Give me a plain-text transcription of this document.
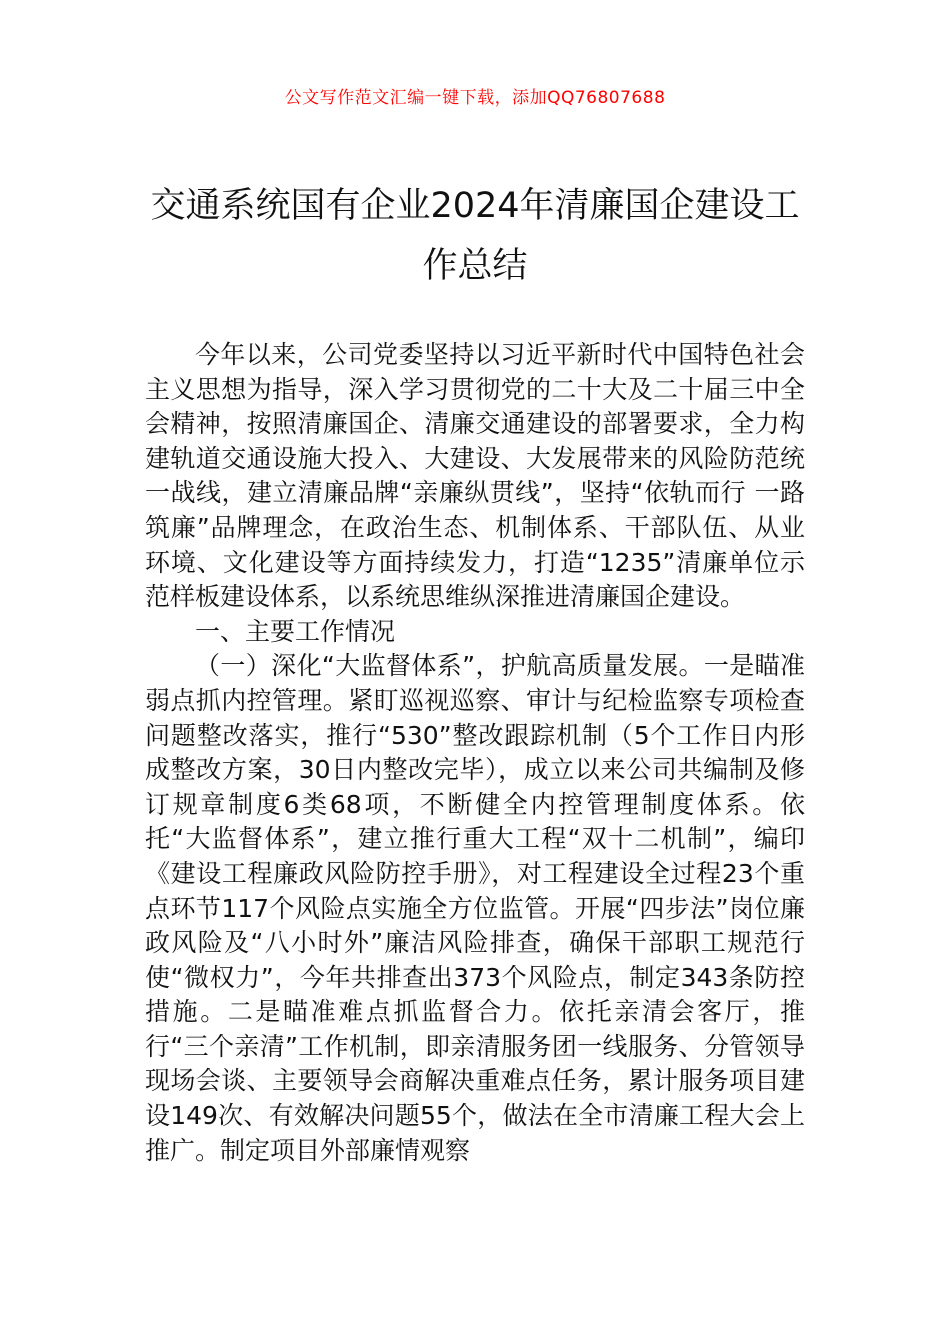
公文写作范文汇编一键下载，添加QQ76807688
交通系统国有企业2024年清廉国企建设工作总结

今年以来，公司党委坚持以习近平新时代中国特色社会主义思想为指导，深入学习贯彻党的二十大及二十届三中全会精神，按照清廉国企、清廉交通建设的部署要求，全力构建轨道交通设施大投入、大建设、大发展带来的风险防范统一战线，建立清廉品牌“亲廉纵贯线”，坚持“依轨而行 一路筑廉”品牌理念，在政治生态、机制体系、干部队伍、从业环境、文化建设等方面持续发力，打造“1235”清廉单位示范样板建设体系，以系统思维纵深推进清廉国企建设。

一、主要工作情况

（一）深化“大监督体系”，护航高质量发展。一是瞄准弱点抓内控管理。紧盯巡视巡察、审计与纪检监察专项检查问题整改落实，推行“530”整改跟踪机制（5个工作日内形成整改方案，30日内整改完毕），成立以来公司共编制及修订规章制度6类68项，不断健全内控管理制度体系。依托“大监督体系”，建立推行重大工程“双十二机制”，编印《建设工程廉政风险防控手册》，对工程建设全过程23个重点环节117个风险点实施全方位监管。开展“四步法”岗位廉政风险及“八小时外”廉洁风险排查，确保干部职工规范行使“微权力”，今年共排查出373个风险点，制定343条防控措施。二是瞄准难点抓监督合力。依托亲清会客厅，推行“三个亲清”工作机制，即亲清服务团一线服务、分管领导现场会谈、主要领导会商解决重难点任务，累计服务项目建设149次、有效解决问题55个，做法在全市清廉工程大会上推广。制定项目外部廉情观察
